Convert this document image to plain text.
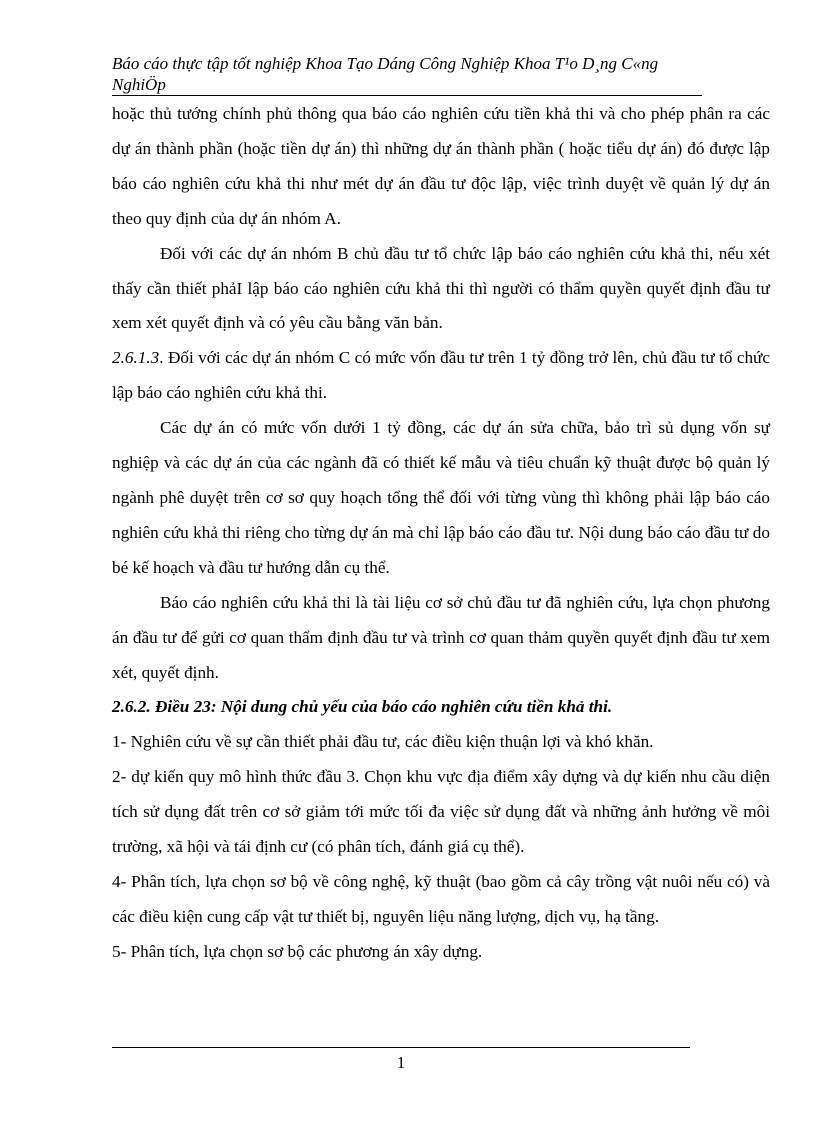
Báo cáo thực tập tốt nghiệp Khoa Tạo Dáng Công Nghiệp Khoa T¹o D¸ng C«ng NghiÖp

hoặc thủ tướng chính phủ thông qua báo cáo nghiên cứu tiền khả thi và cho phép phân ra các dự án thành phần (hoặc tiền dự án) thì những dự án thành phần ( hoặc tiểu dự án) đó được lập báo cáo nghiên cứu khả thi như mét dự án đầu tư độc lập, việc trình duyệt về quản lý dự án theo quy định của dự án nhóm A.

Đối với các dự án nhóm B chủ đầu tư tổ chức lập báo cáo nghiên cứu khả thi, nếu xét thấy cần thiết phảI lập báo cáo nghiên cứu khả thi thì người có thẩm quyền quyết định đầu tư xem xét quyết định và có yêu cầu bằng văn bản.

2.6.1.3. Đối với các dự án nhóm C có mức vốn đầu tư trên 1 tỷ đồng trở lên, chủ đầu tư tổ chức lập báo cáo nghiên cứu khả thi.

Các dự án có mức vốn dưới 1 tỷ đồng, các dự án sửa chữa, bảo trì sủ dụng vốn sự nghiệp và các dự án của các ngành đã có thiết kế mẫu và tiêu chuẩn kỹ thuật được bộ quản lý ngành phê duyệt trên cơ sơ quy hoạch tổng thể đối với từng vùng thì không phải lập báo cáo nghiên cứu khả thi riêng cho từng dự án mà chỉ lập báo cáo đầu tư. Nội dung báo cáo đầu tư do bé kế hoạch và đầu tư hướng dẫn cụ thể.

Báo cáo nghiên cứu khả thi là tài liệu cơ sở chủ đầu tư đã nghiên cứu, lựa chọn phương án đầu tư để gửi cơ quan thẩm định đầu tư và trình cơ quan thảm quyền quyết định đầu tư xem xét, quyết định.

2.6.2. Điều 23: Nội dung chủ yếu của báo cáo nghiên cứu tiền khả thi.

1- Nghiên cứu về sự cần thiết phải đầu tư, các điều kiện thuận lợi và khó khăn.

2- dự kiến quy mô hình thức đầu 3. Chọn khu vực địa điểm xây dựng và dự kiến nhu cầu diện tích sử dụng đất trên cơ sở giảm tới mức tối đa việc sử dụng đất và những ảnh hưởng về môi trường, xã hội và tái định cư (có phân tích, đánh giá cụ thể).

4- Phân tích, lựa chọn sơ bộ về công nghệ, kỹ thuật (bao gồm cả cây trồng vật nuôi nếu có) và các điều kiện cung cấp vật tư thiết bị, nguyên liệu năng lượng, dịch vụ, hạ tầng.

5- Phân tích, lựa chọn sơ bộ các phương án xây dựng.

1
